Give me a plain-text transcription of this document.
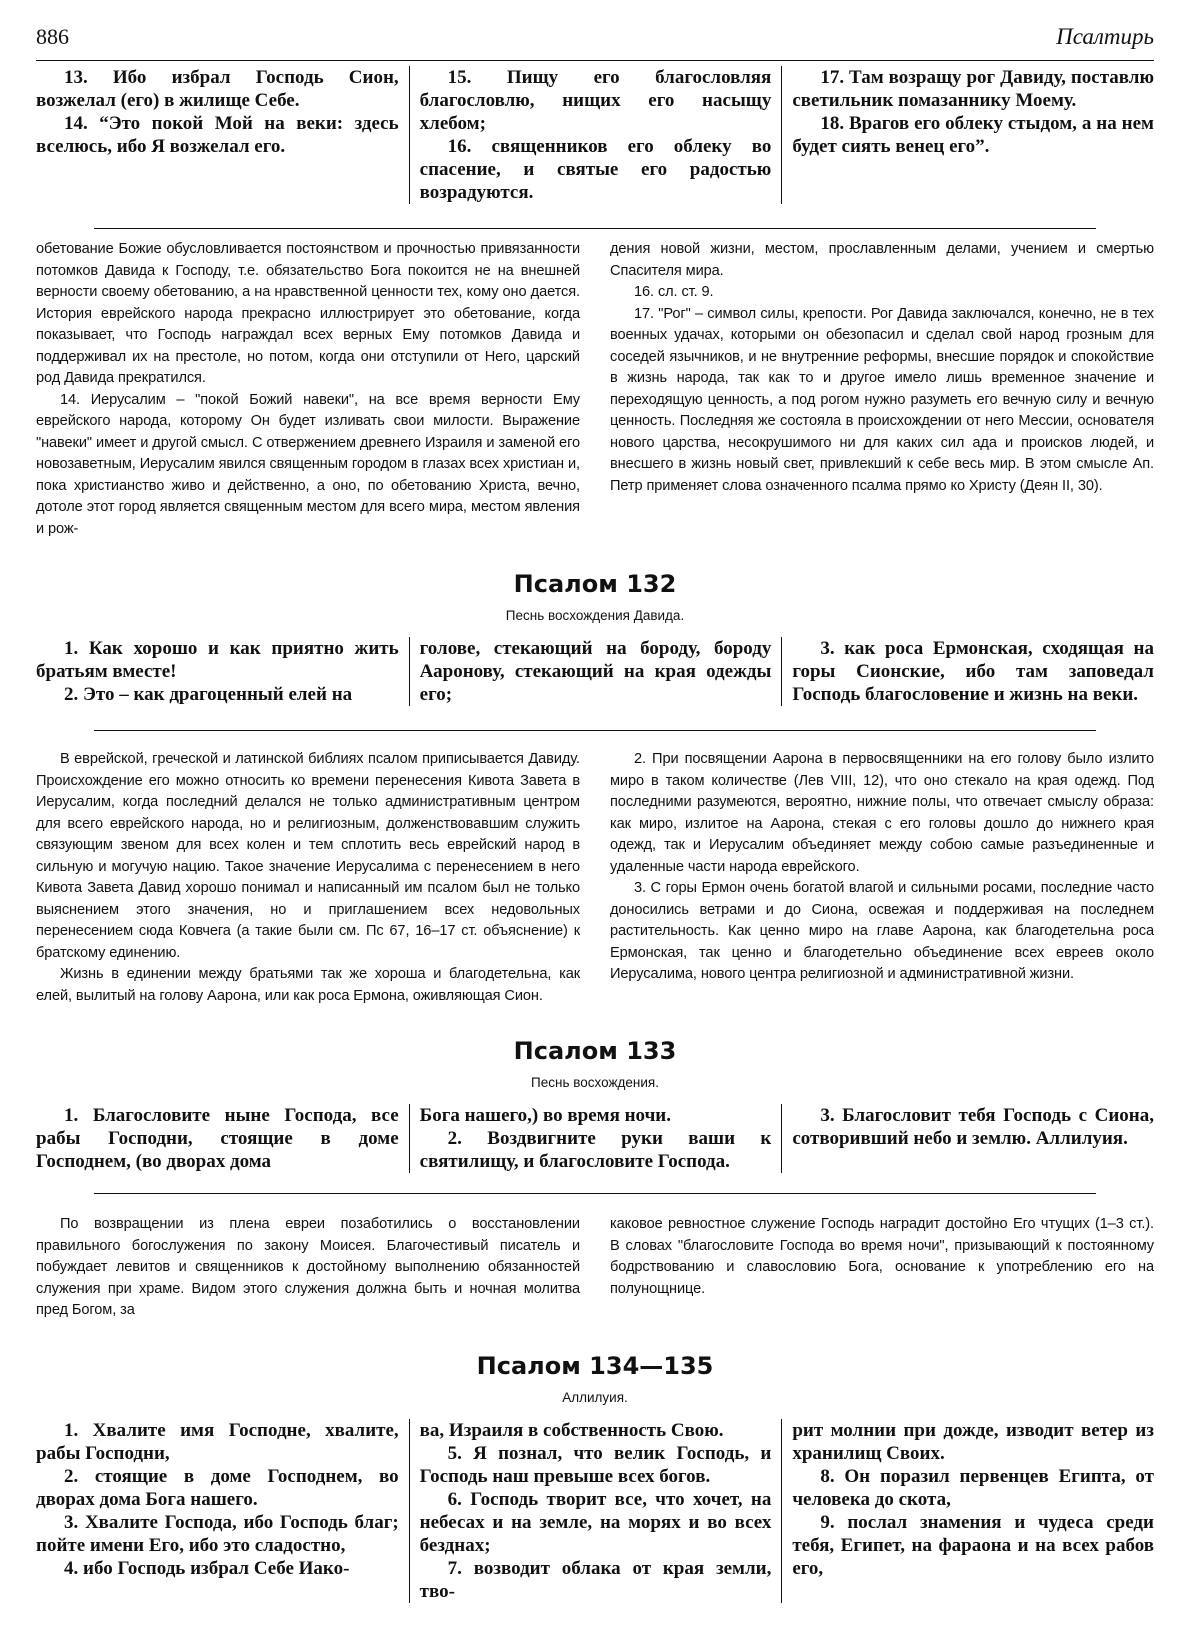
886	Псалтирь

13. Ибо избрал Господь Сион, возжелал (его) в жилище Себе.

14. “Это покой Мой на веки: здесь вселюсь, ибо Я возжелал его.

15. Пищу его благословляя благословлю, нищих его насыщу хлебом;

16. священников его облеку во спасение, и святые его радостью возрадуются.

17. Там возращу рог Давиду, поставлю светильник помазаннику Моему.

18. Врагов его облеку стыдом, а на нем будет сиять венец его”.

обетование Божие обусловливается постоянством и прочностью привязанности потомков Давида к Господу, т.е. обязательство Бога покоится не на внешней верности своему обетованию, а на нравственной ценности тех, кому оно дается. История еврейского народа прекрасно иллюстрирует это обетование, когда показывает, что Господь награждал всех верных Ему потомков Давида и поддерживал их на престоле, но потом, когда они отступили от Него, царский род Давида прекратился.

14. Иерусалим – "покой Божий навеки", на все время верности Ему еврейского народа, которому Он будет изливать свои милости. Выражение "навеки" имеет и другой смысл. С отвержением древнего Израиля и заменой его новозаветным, Иерусалим явился священным городом в глазах всех христиан и, пока христианство живо и действенно, а оно, по обетованию Христа, вечно, дотоле этот город является священным местом для всего мира, местом явления и рож-

дения новой жизни, местом, прославленным делами, учением и смертью Спасителя мира.

16. сл. ст. 9.

17. "Рог" – символ силы, крепости. Рог Давида заключался, конечно, не в тех военных удачах, которыми он обезопасил и сделал свой народ грозным для соседей язычников, и не внутренние реформы, внесшие порядок и спокойствие в жизнь народа, так как то и другое имело лишь временное значение и переходящую ценность, а под рогом нужно разуметь его вечную силу и вечную ценность. Последняя же состояла в происхождении от него Мессии, основателя нового царства, несокрушимого ни для каких сил ада и происков людей, и внесшего в жизнь новый свет, привлекший к себе весь мир. В этом смысле Ап. Петр применяет слова означенного псалма прямо ко Христу (Деян II, 30).

Псалом 132
Песнь восхождения Давида.

1. Как хорошо и как приятно жить братьям вместе!

2. Это – как драгоценный елей на

голове, стекающий на бороду, бороду Ааронову, стекающий на края одежды его;

3. как роса Ермонская, сходящая на горы Сионские, ибо там заповедал Господь благословение и жизнь на веки.

В еврейской, греческой и латинской библиях псалом приписывается Давиду. Происхождение его можно относить ко времени перенесения Кивота Завета в Иерусалим, когда последний делался не только административным центром для всего еврейского народа, но и религиозным, долженствовавшим служить связующим звеном для всех колен и тем сплотить весь еврейский народ в сильную и могучую нацию. Такое значение Иерусалима с перенесением в него Кивота Завета Давид хорошо понимал и написанный им псалом был не только выяснением этого значения, но и приглашением всех недовольных перенесением сюда Ковчега (а такие были см. Пс 67, 16–17 ст. объяснение) к братскому единению.

Жизнь в единении между братьями так же хороша и благодетельна, как елей, вылитый на голову Аарона, или как роса Ермона, оживляющая Сион.

2. При посвящении Аарона в первосвященники на его голову было излито миро в таком количестве (Лев VIII, 12), что оно стекало на края одежд. Под последними разумеются, вероятно, нижние полы, что отвечает смыслу образа: как миро, излитое на Аарона, стекая с его головы дошло до нижнего края одежд, так и Иерусалим объединяет между собою самые разъединенные и удаленные части народа еврейского.

3. С горы Ермон очень богатой влагой и сильными росами, последние часто доносились ветрами и до Сиона, освежая и поддерживая на последнем растительность. Как ценно миро на главе Аарона, как благодетельна роса Ермонская, так ценно и благодетельно объединение всех евреев около Иерусалима, нового центра религиозной и административной жизни.

Псалом 133
Песнь восхождения.

1. Благословите ныне Господа, все рабы Господни, стоящие в доме Господнем, (во дворах дома

Бога нашего,) во время ночи.

2. Воздвигните руки ваши к святилищу, и благословите Господа.

3. Благословит тебя Господь с Сиона, сотворивший небо и землю. Аллилуия.

По возвращении из плена евреи позаботились о восстановлении правильного богослужения по закону Моисея. Благочестивый писатель и побуждает левитов и священников к достойному выполнению обязанностей служения при храме. Видом этого служения должна быть и ночная молитва пред Богом, за

каковое ревностное служение Господь наградит достойно Его чтущих (1–3 ст.). В словах "благословите Господа во время ночи", призывающий к постоянному бодрствованию и славословию Бога, основание к употреблению его на полунощнице.

Псалом 134—135
Аллилуия.

1. Хвалите имя Господне, хвалите, рабы Господни,

2. стоящие в доме Господнем, во дворах дома Бога нашего.

3. Хвалите Господа, ибо Господь благ; пойте имени Его, ибо это сладостно,

4. ибо Господь избрал Себе Иако-

ва, Израиля в собственность Свою.

5. Я познал, что велик Господь, и Господь наш превыше всех богов.

6. Господь творит все, что хочет, на небесах и на земле, на морях и во всех безднах;

7. возводит облака от края земли, тво-

рит молнии при дожде, изводит ветер из хранилищ Своих.

8. Он поразил первенцев Египта, от человека до скота,

9. послал знамения и чудеса среди тебя, Египет, на фараона и на всех рабов его,
